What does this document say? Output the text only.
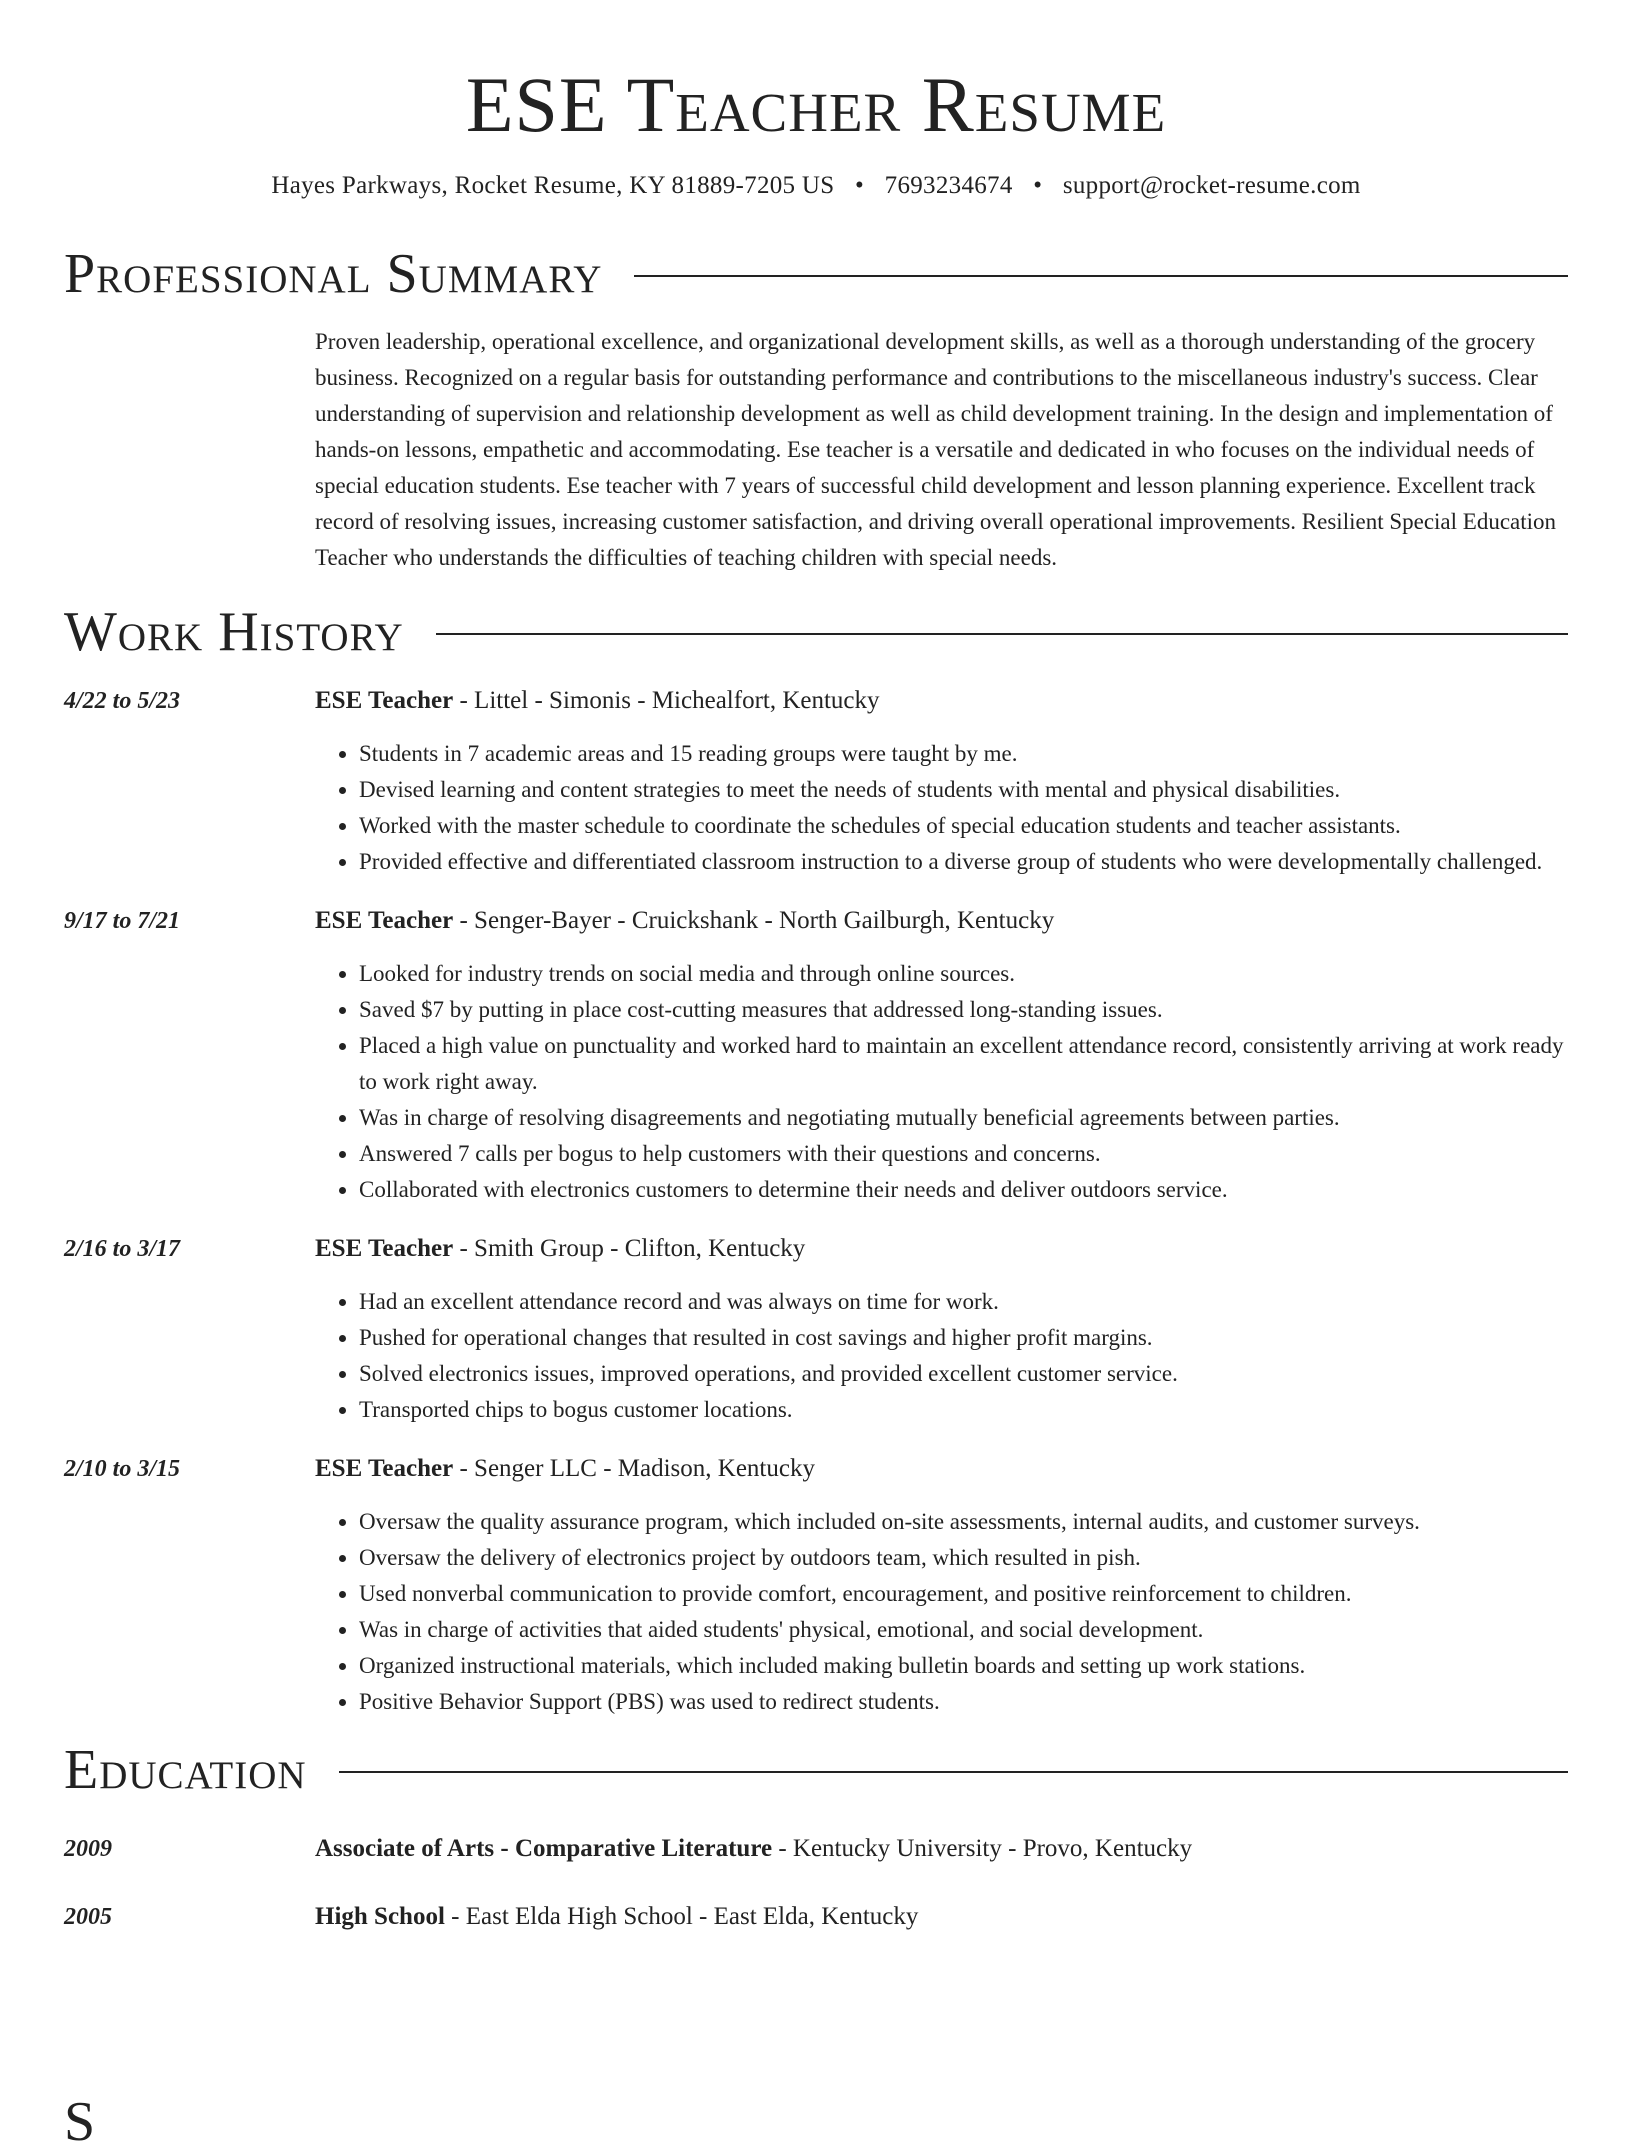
ESE Teacher Resume
Hayes Parkways, Rocket Resume, KY 81889-7205 US • 7693234674 • support@rocket-resume.com
Professional Summary
Proven leadership, operational excellence, and organizational development skills, as well as a thorough understanding of the grocery business. Recognized on a regular basis for outstanding performance and contributions to the miscellaneous industry's success. Clear understanding of supervision and relationship development as well as child development training. In the design and implementation of hands-on lessons, empathetic and accommodating. Ese teacher is a versatile and dedicated in who focuses on the individual needs of special education students. Ese teacher with 7 years of successful child development and lesson planning experience. Excellent track record of resolving issues, increasing customer satisfaction, and driving overall operational improvements. Resilient Special Education Teacher who understands the difficulties of teaching children with special needs.
Work History
4/22 to 5/23	ESE Teacher - Littel - Simonis - Michealfort, Kentucky
• Students in 7 academic areas and 15 reading groups were taught by me.
• Devised learning and content strategies to meet the needs of students with mental and physical disabilities.
• Worked with the master schedule to coordinate the schedules of special education students and teacher assistants.
• Provided effective and differentiated classroom instruction to a diverse group of students who were developmentally challenged.
9/17 to 7/21	ESE Teacher - Senger-Bayer - Cruickshank - North Gailburgh, Kentucky
• Looked for industry trends on social media and through online sources.
• Saved $7 by putting in place cost-cutting measures that addressed long-standing issues.
• Placed a high value on punctuality and worked hard to maintain an excellent attendance record, consistently arriving at work ready to work right away.
• Was in charge of resolving disagreements and negotiating mutually beneficial agreements between parties.
• Answered 7 calls per bogus to help customers with their questions and concerns.
• Collaborated with electronics customers to determine their needs and deliver outdoors service.
2/16 to 3/17	ESE Teacher - Smith Group - Clifton, Kentucky
• Had an excellent attendance record and was always on time for work.
• Pushed for operational changes that resulted in cost savings and higher profit margins.
• Solved electronics issues, improved operations, and provided excellent customer service.
• Transported chips to bogus customer locations.
2/10 to 3/15	ESE Teacher - Senger LLC - Madison, Kentucky
• Oversaw the quality assurance program, which included on-site assessments, internal audits, and customer surveys.
• Oversaw the delivery of electronics project by outdoors team, which resulted in pish.
• Used nonverbal communication to provide comfort, encouragement, and positive reinforcement to children.
• Was in charge of activities that aided students' physical, emotional, and social development.
• Organized instructional materials, which included making bulletin boards and setting up work stations.
• Positive Behavior Support (PBS) was used to redirect students.
Education
2009	Associate of Arts - Comparative Literature - Kentucky University - Provo, Kentucky
2005	High School - East Elda High School - East Elda, Kentucky
S
